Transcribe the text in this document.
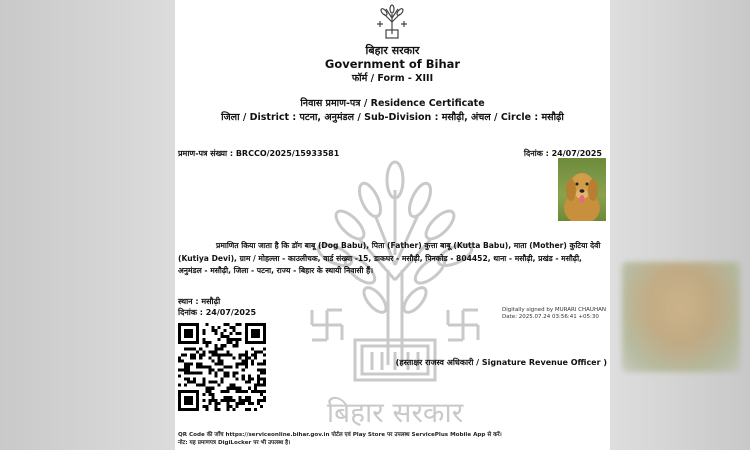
बिहार सरकार
बिहार सरकार
Government of Bihar
फॉर्म / Form - XIII
निवास प्रमाण-पत्र / Residence Certificate
जिला / District : पटना, अनुमंडल / Sub-Division : मसौढ़ी, अंचल / Circle : मसौढ़ी
प्रमाण-पत्र संख्या : BRCCO/2025/15933581	दिनांक : 24/07/2025
प्रमाणित किया जाता है कि डॉग बाबू (Dog Babu), पिता (Father) कुत्ता बाबू (Kutta Babu), माता (Mother) कुटिया देवी
(Kutiya Devi), ग्राम / मोहल्ला - काउलीचक, वार्ड संख्या -15, डाकघर - मसौढ़ी, पिनकोड - 804452, थाना - मसौढ़ी, प्रखंड - मसौढ़ी,
अनुमंडल - मसौढ़ी, जिला - पटना, राज्य - बिहार के स्थायी निवासी हैं।
स्थान : मसौढ़ी
दिनांक : 24/07/2025	Digitally signed by MURARI CHAUHAN
Date: 2025.07.24 03:56:41 +05:30
(हस्ताक्षर राजस्व अधिकारी / Signature Revenue Officer )
QR Code की जाँच https://serviceonline.bihar.gov.in पोर्टल एवं Play Store पर उपलब्ध ServicePlus Mobile App से करें।
नोट: यह प्रमाणपत्र DigiLocker पर भी उपलब्ध है।
